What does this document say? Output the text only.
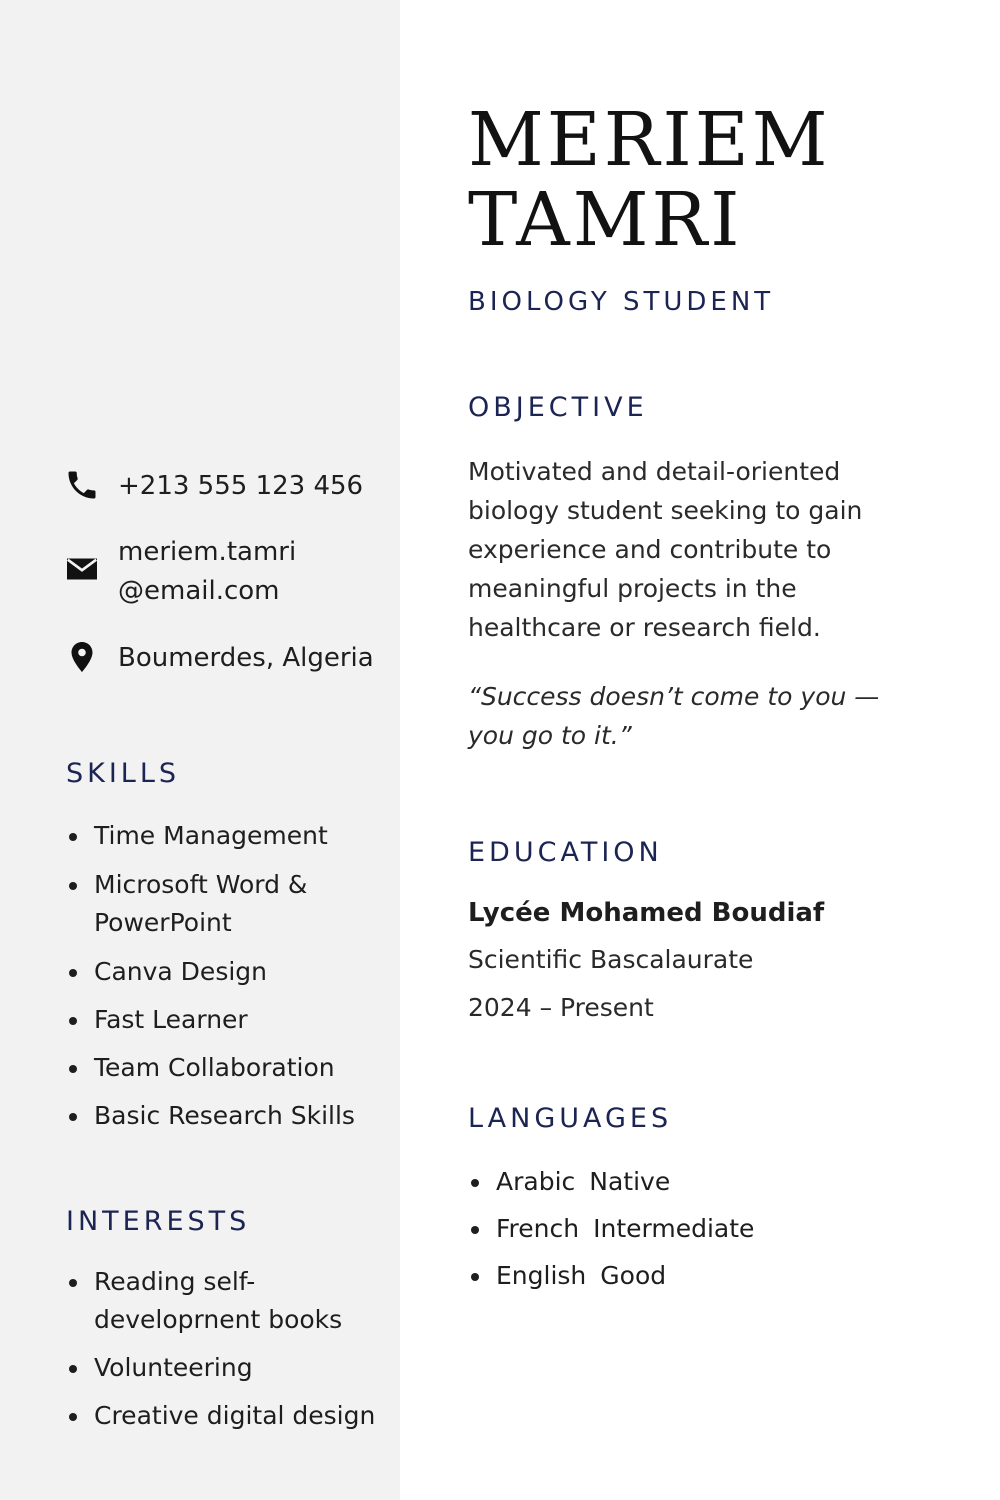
+213 555 123 456
meriem.tamri
@email.com
Boumerdes, Algeria
SKILLS
Time Management
Microsoft Word & PowerPoint
Canva Design
Fast Learner
Team Collaboration
Basic Research Skills
INTERESTS
Reading self-developrnent books
Volunteering
Creative digital design
MERIEM
TAMRI
BIOLOGY STUDENT
OBJECTIVE
Motivated and detail-oriented biology student seeking to gain experience and contribute to meaningful projects in the healthcare or research field.
“Success doesn’t come to you — you go to it.”
EDUCATION
Lycée Mohamed Boudiaf
Scientific Bascalaurate
2024 – Present
LANGUAGES
Arabic Native
French Intermediate
English Good
